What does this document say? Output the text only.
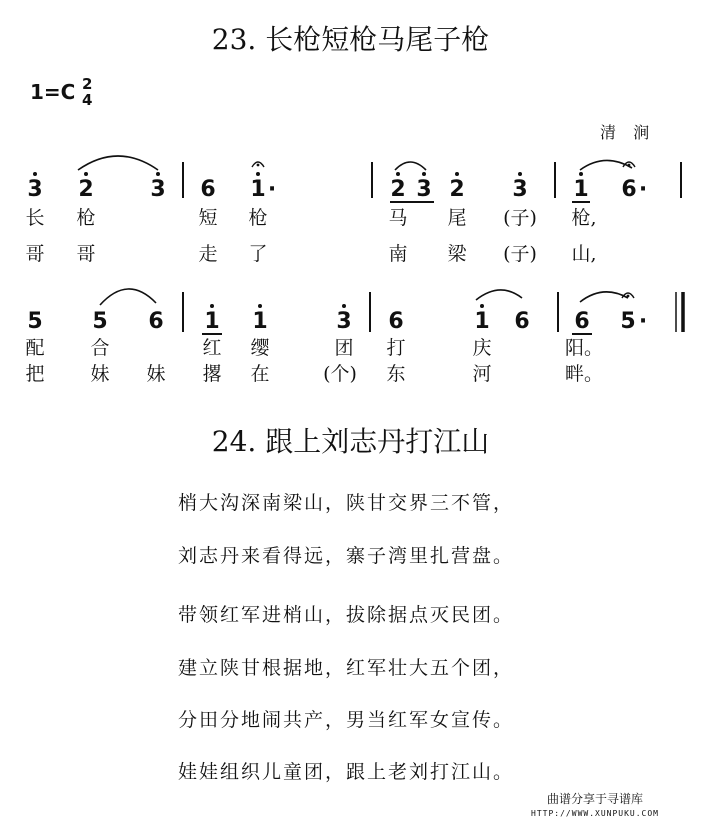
23. 长枪短枪马尾子枪
1=C 2
4
清 涧
3 2	3 6 1 ·	2 3 2 3 1 6 ·
长 枪	短 枪	马 尾 (子) 枪,
哥 哥	走 了	南 梁 (子) 山,
5 5 6 1 1	3 6	1 6 6 5 ·
配 合	红 缨	团 打	庆	阳。
把 妹 妹 撂 在	(个) 东	河	畔。
24. 跟上刘志丹打江山
梢大沟深南梁山，陕甘交界三不管，
刘志丹来看得远，寨子湾里扎营盘。
带领红军进梢山，拔除据点灭民团。
建立陕甘根据地，红军壮大五个团，
分田分地闹共产，男当红军女宣传。
娃娃组织儿童团，跟上老刘打江山。
曲谱分享于寻谱库
HTTP://WWW.XUNPUKU.COM
